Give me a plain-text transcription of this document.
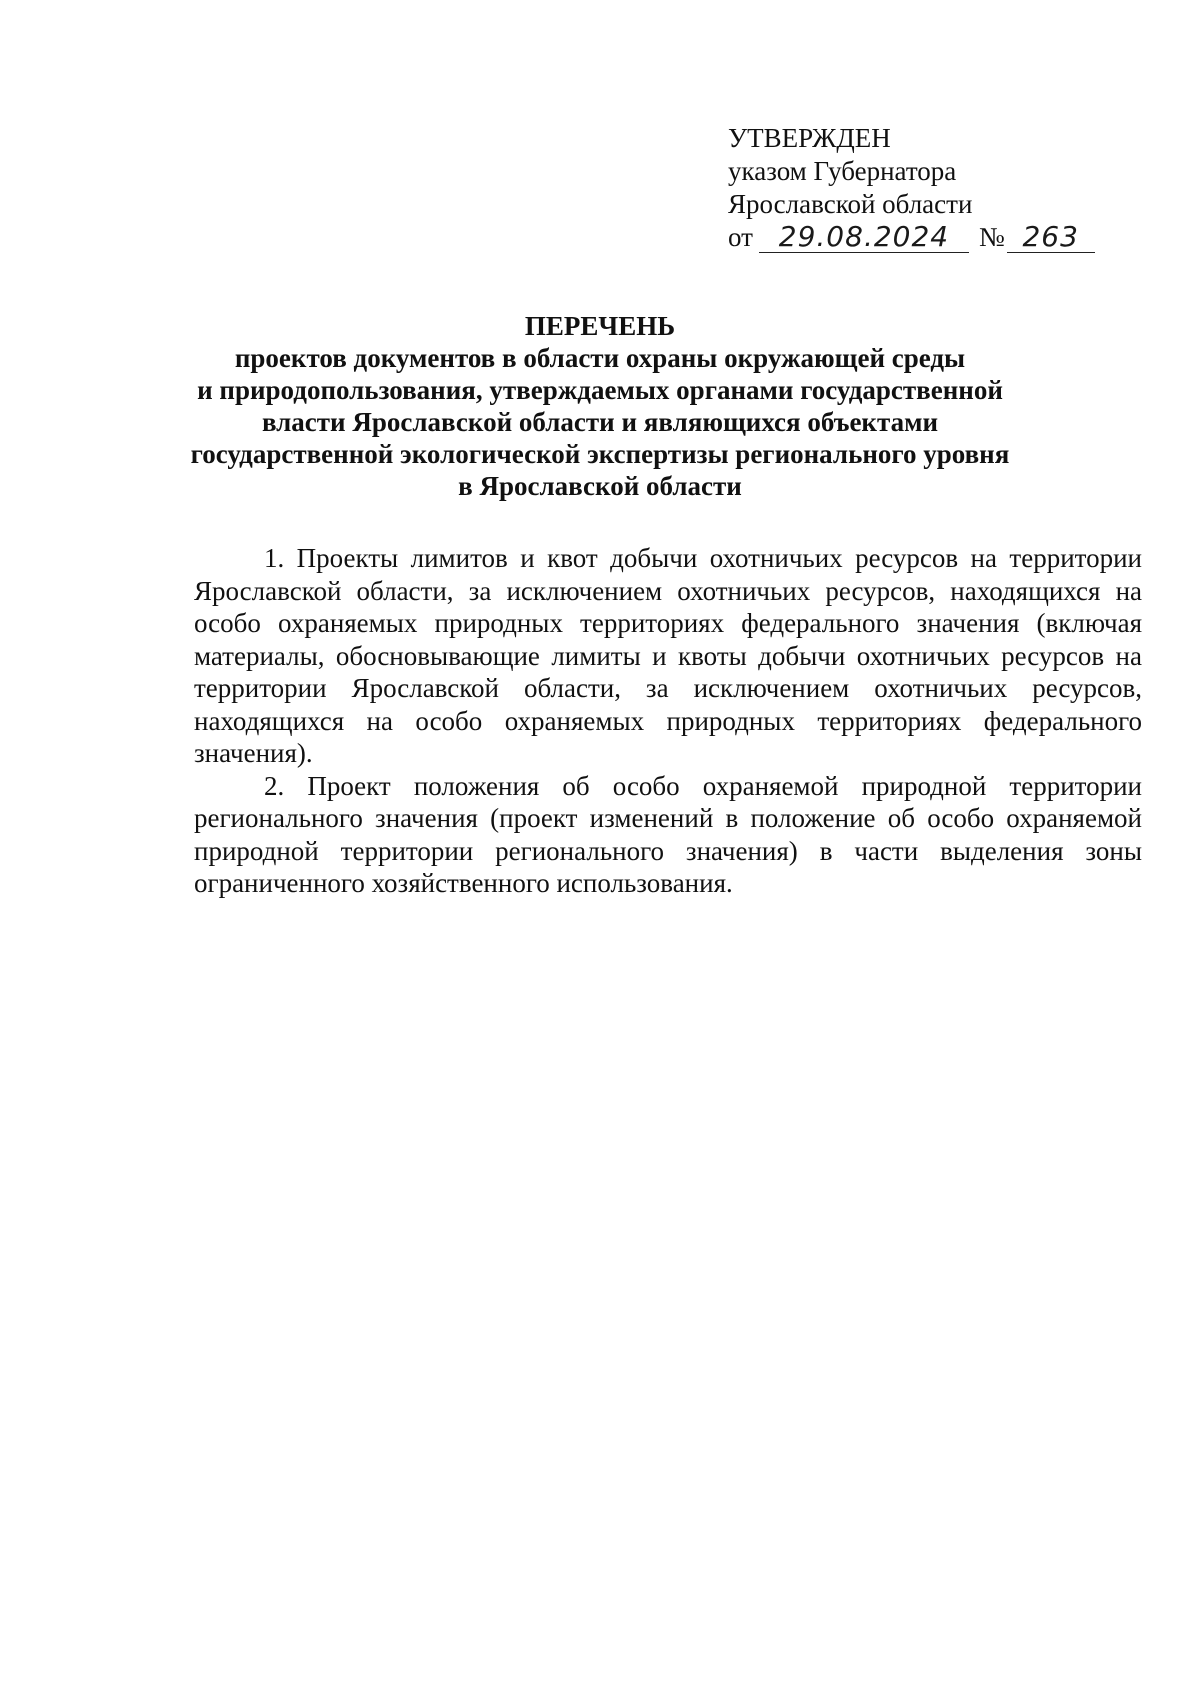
УТВЕРЖДЕН
указом Губернатора
Ярославской области
от 29.08.2024	№ 263
ПЕРЕЧЕНЬ
проектов документов в области охраны окружающей среды
и природопользования, утверждаемых органами государственной
власти Ярославской области и являющихся объектами
государственной экологической экспертизы регионального уровня
в Ярославской области

1. Проекты лимитов и квот добычи охотничьих ресурсов на территории Ярославской области, за исключением охотничьих ресурсов, находящихся на особо охраняемых природных территориях федерального значения (включая материалы, обосновывающие лимиты и квоты добычи охотничьих ресурсов на территории Ярославской области, за исключением охотничьих ресурсов, находящихся на особо охраняемых природных территориях федерального значения).

2. Проект положения об особо охраняемой природной территории регионального значения (проект изменений в положение об особо охраняемой природной территории регионального значения) в части выделения зоны ограниченного хозяйственного использования.
